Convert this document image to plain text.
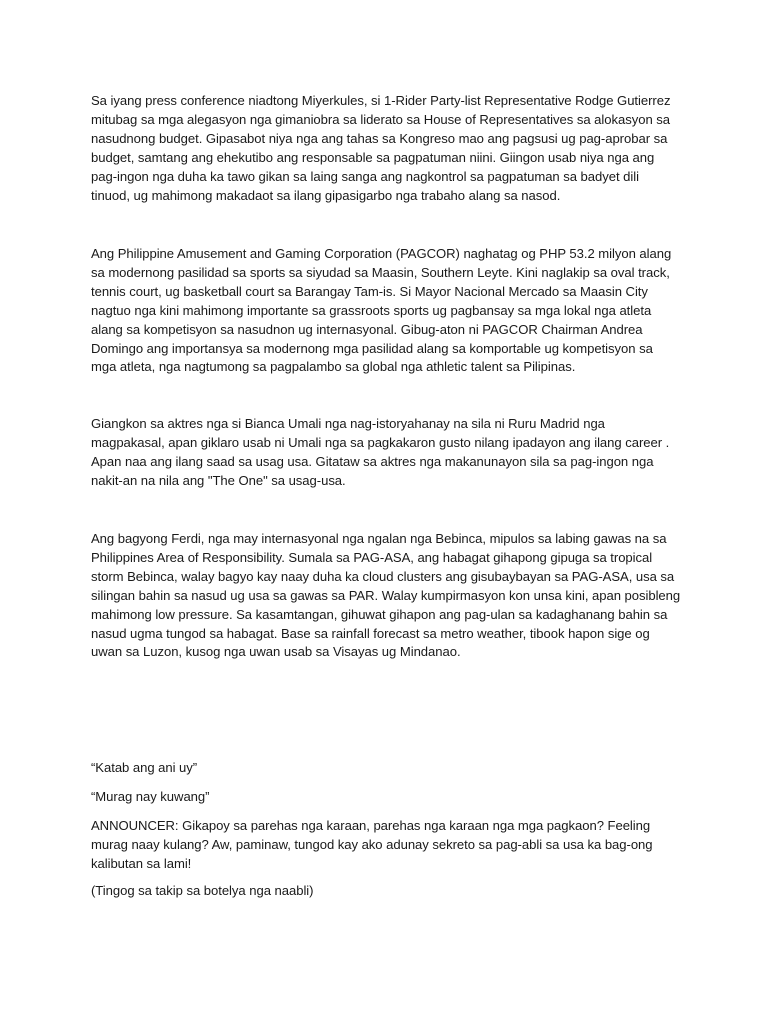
Sa iyang press conference niadtong Miyerkules, si 1-Rider Party-list Representative Rodge Gutierrez mitubag sa mga alegasyon nga gimaniobra sa liderato sa House of Representatives sa alokasyon sa nasudnong budget. Gipasabot niya nga ang tahas sa Kongreso mao ang pagsusi ug pag-aprobar sa budget, samtang ang ehekutibo ang responsable sa pagpatuman niini. Giingon usab niya nga ang pag-ingon nga duha ka tawo gikan sa laing sanga ang nagkontrol sa pagpatuman sa badyet dili tinuod, ug mahimong makadaot sa ilang gipasigarbo nga trabaho alang sa nasod.

Ang Philippine Amusement and Gaming Corporation (PAGCOR) naghatag og PHP 53.2 milyon alang sa modernong pasilidad sa sports sa siyudad sa Maasin, Southern Leyte. Kini naglakip sa oval track, tennis court, ug basketball court sa Barangay Tam-is. Si Mayor Nacional Mercado sa Maasin City nagtuo nga kini mahimong importante sa grassroots sports ug pagbansay sa mga lokal nga atleta alang sa kompetisyon sa nasudnon ug internasyonal. Gibug-aton ni PAGCOR Chairman Andrea Domingo ang importansya sa modernong mga pasilidad alang sa komportable ug kompetisyon sa mga atleta, nga nagtumong sa pagpalambo sa global nga athletic talent sa Pilipinas.

Giangkon sa aktres nga si Bianca Umali nga nag-istoryahanay na sila ni Ruru Madrid nga magpakasal, apan giklaro usab ni Umali nga sa pagkakaron gusto nilang ipadayon ang ilang career . Apan naa ang ilang saad sa usag usa. Gitataw sa aktres nga makanunayon sila sa pag-ingon nga nakit-an na nila ang "The One" sa usag-usa.

Ang bagyong Ferdi, nga may internasyonal nga ngalan nga Bebinca, mipulos sa labing gawas na sa Philippines Area of Responsibility. Sumala sa PAG-ASA, ang habagat gihapong gipuga sa tropical storm Bebinca, walay bagyo kay naay duha ka cloud clusters ang gisubaybayan sa PAG-ASA, usa sa silingan bahin sa nasud ug usa sa gawas sa PAR. Walay kumpirmasyon kon unsa kini, apan posibleng mahimong low pressure. Sa kasamtangan, gihuwat gihapon ang pag-ulan sa kadaghanang bahin sa nasud ugma tungod sa habagat. Base sa rainfall forecast sa metro weather, tibook hapon sige og uwan sa Luzon, kusog nga uwan usab sa Visayas ug Mindanao.

“Katab ang ani uy”

“Murag nay kuwang”

ANNOUNCER: Gikapoy sa parehas nga karaan, parehas nga karaan nga mga pagkaon? Feeling murag naay kulang? Aw, paminaw, tungod kay ako adunay sekreto sa pag-abli sa usa ka bag-ong kalibutan sa lami!

(Tingog sa takip sa botelya nga naabli)
